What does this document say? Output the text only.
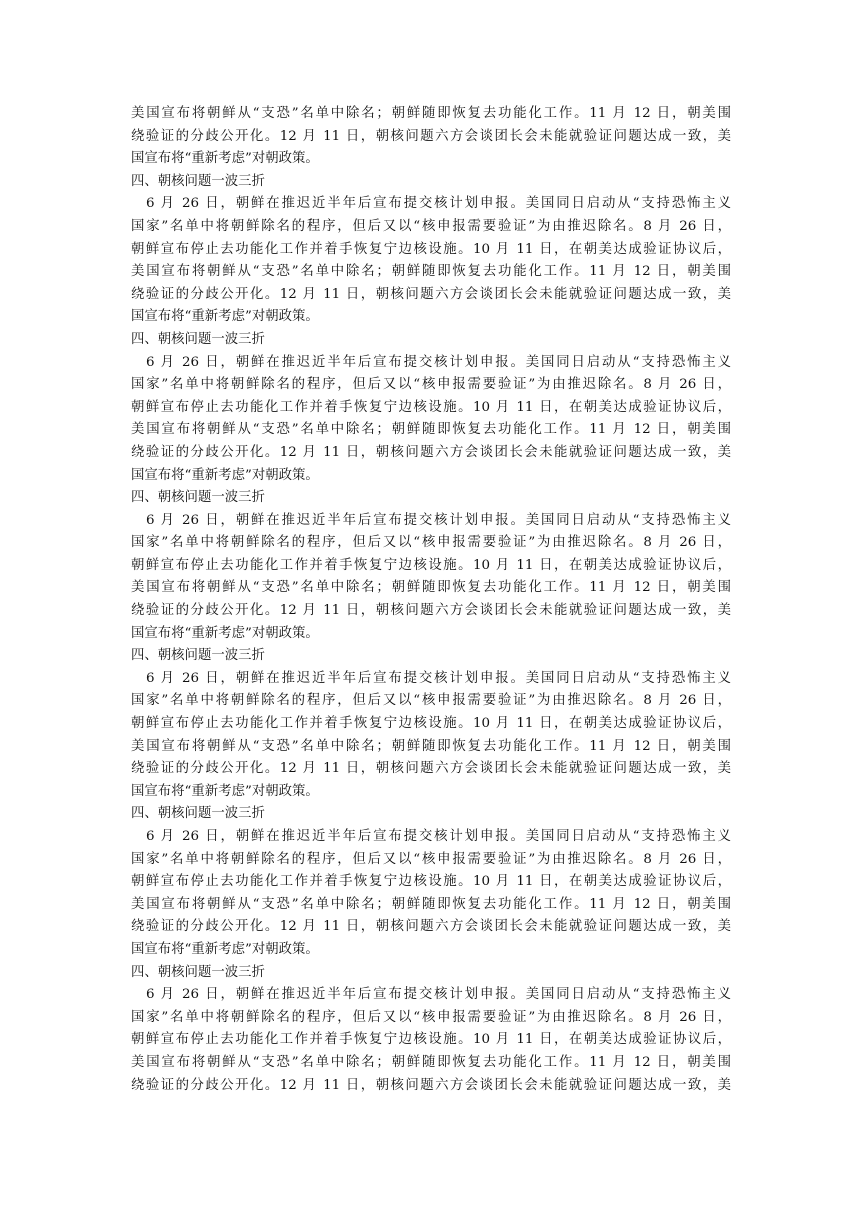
美国宣布将朝鲜从“支恐”名单中除名；朝鲜随即恢复去功能化工作。11 月 12 日，朝美围
绕验证的分歧公开化。12 月 11 日，朝核问题六方会谈团长会未能就验证问题达成一致，美
国宣布将“重新考虑”对朝政策。
四、朝核问题一波三折
6 月 26 日，朝鲜在推迟近半年后宣布提交核计划申报。美国同日启动从“支持恐怖主义
国家”名单中将朝鲜除名的程序，但后又以“核申报需要验证”为由推迟除名。8 月 26 日，
朝鲜宣布停止去功能化工作并着手恢复宁边核设施。10 月 11 日，在朝美达成验证协议后，
美国宣布将朝鲜从“支恐”名单中除名；朝鲜随即恢复去功能化工作。11 月 12 日，朝美围
绕验证的分歧公开化。12 月 11 日，朝核问题六方会谈团长会未能就验证问题达成一致，美
国宣布将“重新考虑”对朝政策。
四、朝核问题一波三折
6 月 26 日，朝鲜在推迟近半年后宣布提交核计划申报。美国同日启动从“支持恐怖主义
国家”名单中将朝鲜除名的程序，但后又以“核申报需要验证”为由推迟除名。8 月 26 日，
朝鲜宣布停止去功能化工作并着手恢复宁边核设施。10 月 11 日，在朝美达成验证协议后，
美国宣布将朝鲜从“支恐”名单中除名；朝鲜随即恢复去功能化工作。11 月 12 日，朝美围
绕验证的分歧公开化。12 月 11 日，朝核问题六方会谈团长会未能就验证问题达成一致，美
国宣布将“重新考虑”对朝政策。
四、朝核问题一波三折
6 月 26 日，朝鲜在推迟近半年后宣布提交核计划申报。美国同日启动从“支持恐怖主义
国家”名单中将朝鲜除名的程序，但后又以“核申报需要验证”为由推迟除名。8 月 26 日，
朝鲜宣布停止去功能化工作并着手恢复宁边核设施。10 月 11 日，在朝美达成验证协议后，
美国宣布将朝鲜从“支恐”名单中除名；朝鲜随即恢复去功能化工作。11 月 12 日，朝美围
绕验证的分歧公开化。12 月 11 日，朝核问题六方会谈团长会未能就验证问题达成一致，美
国宣布将“重新考虑”对朝政策。
四、朝核问题一波三折
6 月 26 日，朝鲜在推迟近半年后宣布提交核计划申报。美国同日启动从“支持恐怖主义
国家”名单中将朝鲜除名的程序，但后又以“核申报需要验证”为由推迟除名。8 月 26 日，
朝鲜宣布停止去功能化工作并着手恢复宁边核设施。10 月 11 日，在朝美达成验证协议后，
美国宣布将朝鲜从“支恐”名单中除名；朝鲜随即恢复去功能化工作。11 月 12 日，朝美围
绕验证的分歧公开化。12 月 11 日，朝核问题六方会谈团长会未能就验证问题达成一致，美
国宣布将“重新考虑”对朝政策。
四、朝核问题一波三折
6 月 26 日，朝鲜在推迟近半年后宣布提交核计划申报。美国同日启动从“支持恐怖主义
国家”名单中将朝鲜除名的程序，但后又以“核申报需要验证”为由推迟除名。8 月 26 日，
朝鲜宣布停止去功能化工作并着手恢复宁边核设施。10 月 11 日，在朝美达成验证协议后，
美国宣布将朝鲜从“支恐”名单中除名；朝鲜随即恢复去功能化工作。11 月 12 日，朝美围
绕验证的分歧公开化。12 月 11 日，朝核问题六方会谈团长会未能就验证问题达成一致，美
国宣布将“重新考虑”对朝政策。
四、朝核问题一波三折
6 月 26 日，朝鲜在推迟近半年后宣布提交核计划申报。美国同日启动从“支持恐怖主义
国家”名单中将朝鲜除名的程序，但后又以“核申报需要验证”为由推迟除名。8 月 26 日，
朝鲜宣布停止去功能化工作并着手恢复宁边核设施。10 月 11 日，在朝美达成验证协议后，
美国宣布将朝鲜从“支恐”名单中除名；朝鲜随即恢复去功能化工作。11 月 12 日，朝美围
绕验证的分歧公开化。12 月 11 日，朝核问题六方会谈团长会未能就验证问题达成一致，美
